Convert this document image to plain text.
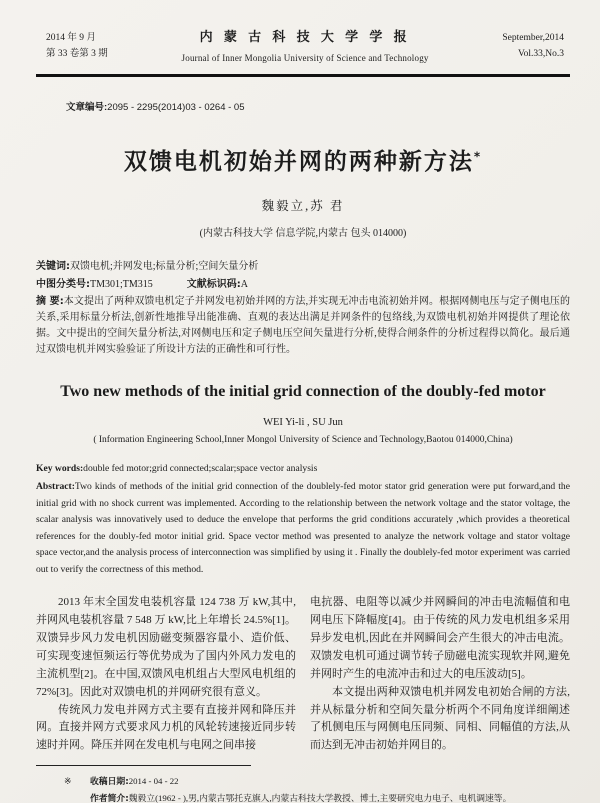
2014 年 9 月
第 33 卷第 3 期
内 蒙 古 科 技 大 学 学 报
Journal of Inner Mongolia University of Science and Technology
September,2014
Vol.33,No.3
文章编号:2095 - 2295(2014)03 - 0264 - 05
双馈电机初始并网的两种新方法*
魏毅立,苏 君
(内蒙古科技大学 信息学院,内蒙古 包头 014000)
关键词:双馈电机;并网发电;标量分析;空间矢量分析
中图分类号:TM301;TM315	文献标识码:A
摘 要:本文提出了两种双馈电机定子并网发电初始并网的方法,并实现无冲击电流初始并网。根据网侧电压与定子侧电压的关系,采用标量分析法,创新性地推导出能准确、直观的表达出满足并网条件的包络线,为双馈电机初始并网提供了理论依据。文中提出的空间矢量分析法,对网侧电压和定子侧电压空间矢量进行分析,使得合闸条件的分析过程得以简化。最后通过双馈电机并网实验验证了所设计方法的正确性和可行性。
Two new methods of the initial grid connection of the doubly-fed motor
WEI Yi-li , SU Jun
( Information Engineering School,Inner Mongol University of Science and Technology,Baotou 014000,China)
Key words:double fed motor;grid connected;scalar;space vector analysis
Abstract:Two kinds of methods of the initial grid connection of the doublely-fed motor stator grid generation were put forward,and the initial grid with no shock current was implemented. According to the relationship between the network voltage and the stator voltage, the scalar analysis was innovatively used to deduce the envelope that performs the grid conditions accurately ,which provides a theoretical references for the doubly-fed motor initial grid. Space vector method was presented to analyze the network voltage and stator voltage space vector,and the analysis process of interconnection was simplified by using it . Finally the doublely-fed motor experiment was carried out to verify the correctness of this method.

2013 年末全国发电装机容量 124 738 万 kW,其中,并网风电装机容量 7 548 万 kW,比上年增长 24.5%[1]。双馈异步风力发电机因励磁变频器容量小、造价低、可实现变速恒频运行等优势成为了国内外风力发电的主流机型[2]。在中国,双馈风电机组占大型风电机组的 72%[3]。因此对双馈电机的并网研究很有意义。

传统风力发电并网方式主要有直接并网和降压并网。直接并网方式要求风力机的风轮转速接近同步转速时并网。降压并网在发电机与电网之间串接

电抗器、电阻等以减少并网瞬间的冲击电流幅值和电网电压下降幅度[4]。由于传统的风力发电机组多采用异步发电机,因此在并网瞬间会产生很大的冲击电流。双馈发电机可通过调节转子励磁电流实现软并网,避免并网时产生的电流冲击和过大的电压波动[5]。

本文提出两种双馈电机并网发电初始合闸的方法,并从标量分析和空间矢量分析两个不同角度详细阐述了机侧电压与网侧电压同频、同相、同幅值的方法,从而达到无冲击初始并网目的。

※ 收稿日期:2014 - 04 - 22
作者简介:魏毅立(1962 - ),男,内蒙古鄂托克旗人,内蒙古科技大学教授、博士,主要研究电力电子、电机调速等。
